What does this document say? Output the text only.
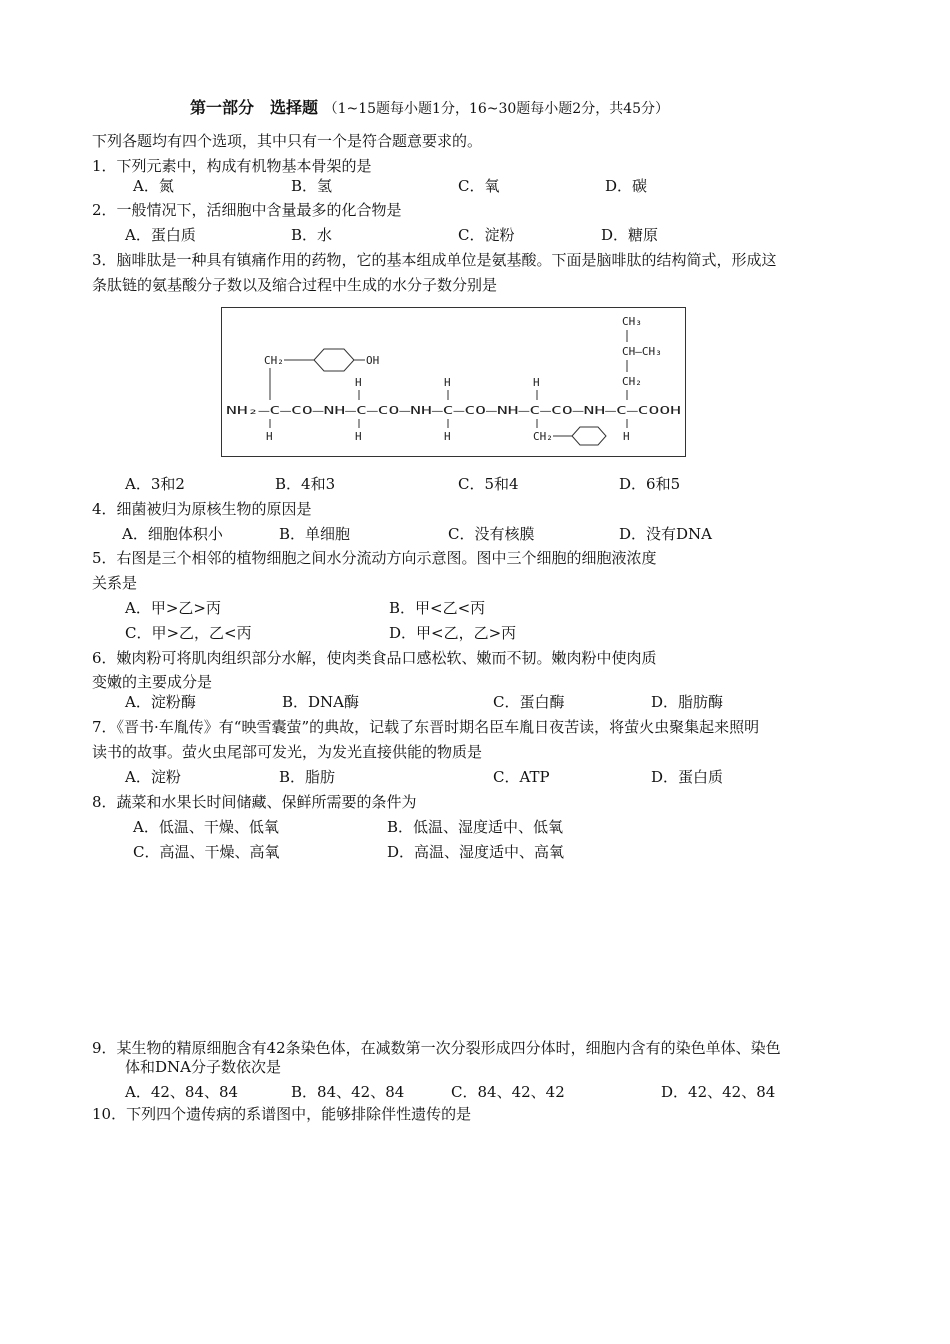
第一部分　选择题 （1~15题每小题1分，16~30题每小题2分，共45分）
下列各题均有四个选项，其中只有一个是符合题意要求的。
1．下列元素中，构成有机物基本骨架的是
A．氮	B．氢	C．氧	D．碳
2．一般情况下，活细胞中含量最多的化合物是
A．蛋白质	B．水	C．淀粉	D．糖原
3．脑啡肽是一种具有镇痛作用的药物，它的基本组成单位是氨基酸。下面是脑啡肽的结构简式，形成这
条肽链的氨基酸分子数以及缩合过程中生成的水分子数分别是
CH₃
CH—CH₃
CH₂
CH₂	OH
H	H	H
NH₂—C—CO—NH—C—CO—NH—C—CO—NH—C—CO—NH—C—COOH
H	H	H	CH₂	H
A．3和2	B．4和3	C．5和4	D．6和5
4．细菌被归为原核生物的原因是
A．细胞体积小	B．单细胞	C．没有核膜	D．没有DNA
5．右图是三个相邻的植物细胞之间水分流动方向示意图。图中三个细胞的细胞液浓度
关系是
A．甲>乙>丙	B．甲<乙<丙
C．甲>乙，乙<丙	D．甲<乙，乙>丙
6．嫩肉粉可将肌肉组织部分水解，使肉类食品口感松软、嫩而不韧。嫩肉粉中使肉质
变嫩的主要成分是
A．淀粉酶	B．DNA酶	C．蛋白酶	D．脂肪酶
7．《晋书·车胤传》有“映雪囊萤”的典故，记载了东晋时期名臣车胤日夜苦读，将萤火虫聚集起来照明
读书的故事。萤火虫尾部可发光，为发光直接供能的物质是
A．淀粉	B．脂肪	C．ATP	D．蛋白质
8．蔬菜和水果长时间储藏、保鲜所需要的条件为
A．低温、干燥、低氧	B．低温、湿度适中、低氧
C．高温、干燥、高氧	D．高温、湿度适中、高氧
9．某生物的精原细胞含有42条染色体，在减数第一次分裂形成四分体时，细胞内含有的染色单体、染色
体和DNA分子数依次是
A．42、84、84	B．84、42、84	C．84、42、42	D．42、42、84
10．下列四个遗传病的系谱图中，能够排除伴性遗传的是
